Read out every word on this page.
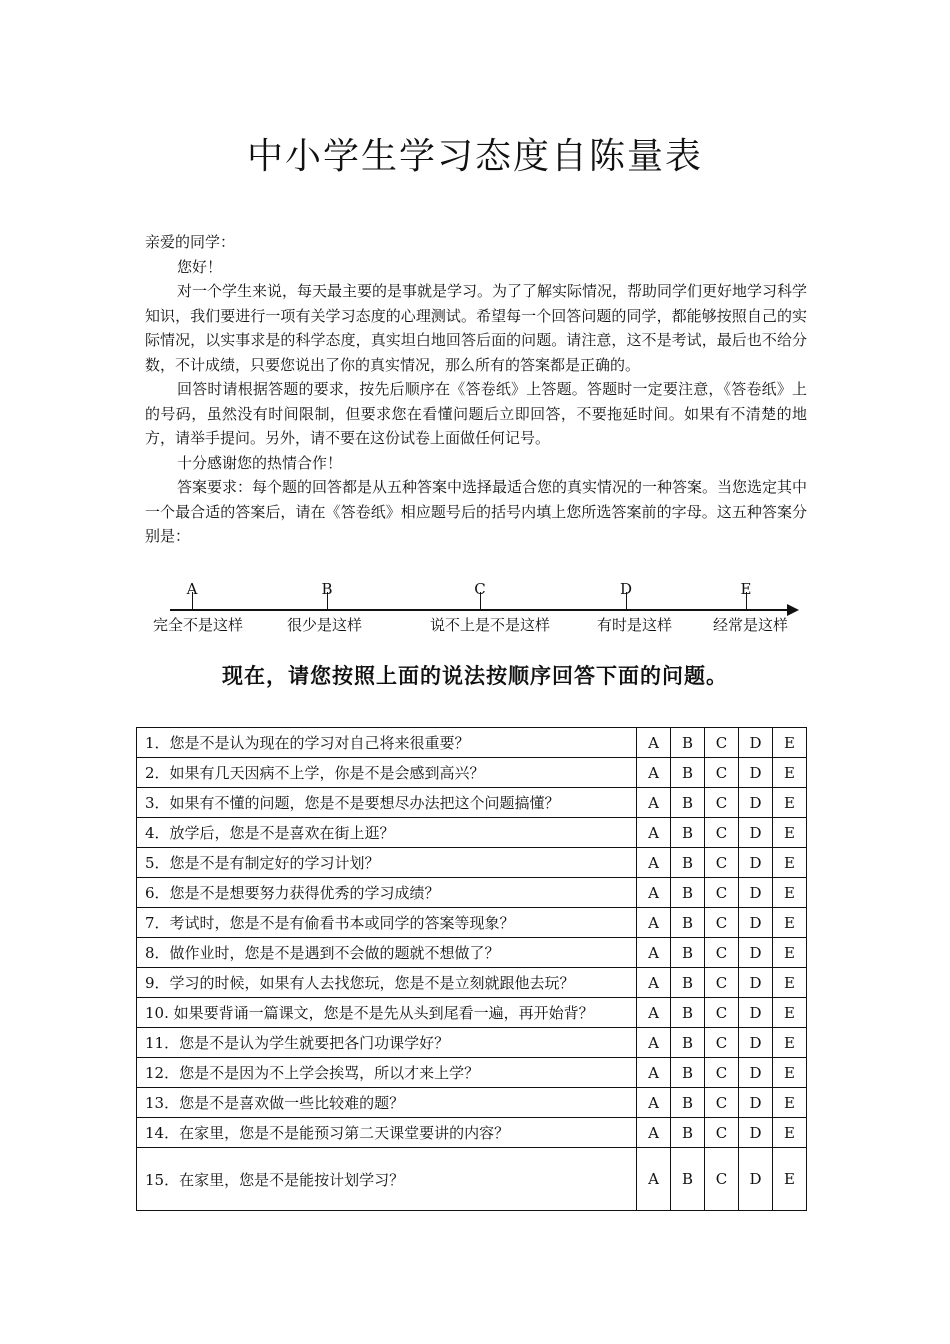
中小学生学习态度自陈量表

亲爱的同学：

您好！

对一个学生来说，每天最主要的是事就是学习。为了了解实际情况，帮助同学们更好地学习科学知识，我们要进行一项有关学习态度的心理测试。希望每一个回答问题的同学，都能够按照自己的实际情况，以实事求是的科学态度，真实坦白地回答后面的问题。请注意，这不是考试，最后也不给分数，不计成绩，只要您说出了你的真实情况，那么所有的答案都是正确的。

回答时请根据答题的要求，按先后顺序在《答卷纸》上答题。答题时一定要注意，《答卷纸》上的号码，虽然没有时间限制，但要求您在看懂问题后立即回答，不要拖延时间。如果有不清楚的地方，请举手提问。另外，请不要在这份试卷上面做任何记号。

十分感谢您的热情合作！

答案要求：每个题的回答都是从五种答案中选择最适合您的真实情况的一种答案。当您选定其中一个最合适的答案后，请在《答卷纸》相应题号后的括号内填上您所选答案前的字母。这五种答案分别是：

A
完全不是这样
B
很少是这样
C
说不上是不是这样
D
有时是这样
E
经常是这样
现在，请您按照上面的说法按顺序回答下面的问题。
1．您是不是认为现在的学习对自己将来很重要？	A	B	C	D	E
2．如果有几天因病不上学，你是不是会感到高兴？	A	B	C	D	E
3．如果有不懂的问题，您是不是要想尽办法把这个问题搞懂？	A	B	C	D	E
4．放学后，您是不是喜欢在街上逛？	A	B	C	D	E
5．您是不是有制定好的学习计划？	A	B	C	D	E
6．您是不是想要努力获得优秀的学习成绩？	A	B	C	D	E
7．考试时，您是不是有偷看书本或同学的答案等现象？	A	B	C	D	E
8．做作业时，您是不是遇到不会做的题就不想做了？	A	B	C	D	E
9．学习的时候，如果有人去找您玩，您是不是立刻就跟他去玩？	A	B	C	D	E
10. 如果要背诵一篇课文，您是不是先从头到尾看一遍，再开始背？	A	B	C	D	E
11．您是不是认为学生就要把各门功课学好？	A	B	C	D	E
12．您是不是因为不上学会挨骂，所以才来上学？	A	B	C	D	E
13．您是不是喜欢做一些比较难的题？	A	B	C	D	E
14．在家里，您是不是能预习第二天课堂要讲的内容？	A	B	C	D	E
15．在家里，您是不是能按计划学习？	A	B	C	D	E
